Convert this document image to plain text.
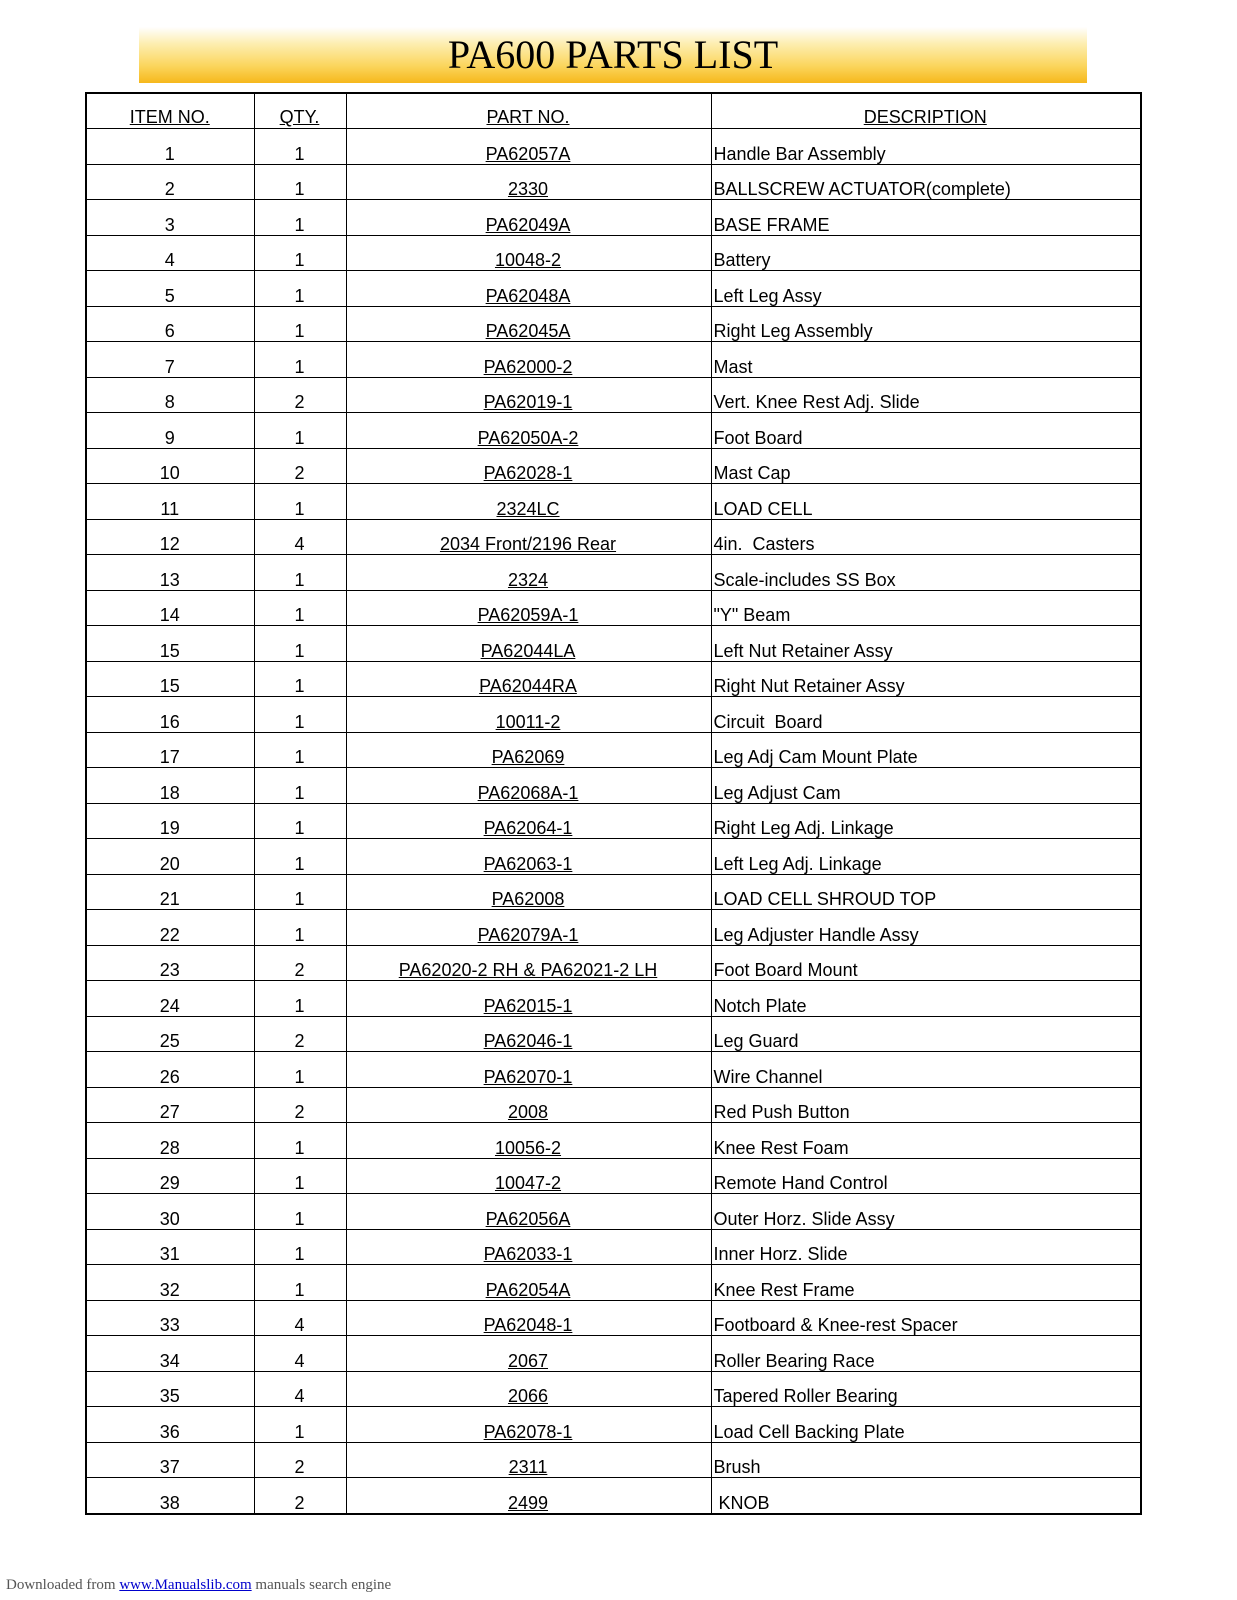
PA600 PARTS LIST
ITEM NO.	QTY.	PART NO.	DESCRIPTION
1	1	PA62057A	Handle Bar Assembly
2	1	2330	BALLSCREW ACTUATOR(complete)
3	1	PA62049A	BASE FRAME
4	1	10048-2	Battery
5	1	PA62048A	Left Leg Assy
6	1	PA62045A	Right Leg Assembly
7	1	PA62000-2	Mast
8	2	PA62019-1	Vert. Knee Rest Adj. Slide
9	1	PA62050A-2	Foot Board
10	2	PA62028-1	Mast Cap
11	1	2324LC	LOAD CELL
12	4	2034 Front/2196 Rear	4in.  Casters
13	1	2324	Scale-includes SS Box
14	1	PA62059A-1	"Y" Beam
15	1	PA62044LA	Left Nut Retainer Assy
15	1	PA62044RA	Right Nut Retainer Assy
16	1	10011-2	Circuit  Board
17	1	PA62069	Leg Adj Cam Mount Plate
18	1	PA62068A-1	Leg Adjust Cam
19	1	PA62064-1	Right Leg Adj. Linkage
20	1	PA62063-1	Left Leg Adj. Linkage
21	1	PA62008	LOAD CELL SHROUD TOP
22	1	PA62079A-1	Leg Adjuster Handle Assy
23	2	PA62020-2 RH & PA62021-2 LH	Foot Board Mount
24	1	PA62015-1	Notch Plate
25	2	PA62046-1	Leg Guard
26	1	PA62070-1	Wire Channel
27	2	2008	Red Push Button
28	1	10056-2	Knee Rest Foam
29	1	10047-2	Remote Hand Control
30	1	PA62056A	Outer Horz. Slide Assy
31	1	PA62033-1	Inner Horz. Slide
32	1	PA62054A	Knee Rest Frame
33	4	PA62048-1	Footboard & Knee-rest Spacer
34	4	2067	Roller Bearing Race
35	4	2066	Tapered Roller Bearing
36	1	PA62078-1	Load Cell Backing Plate
37	2	2311	Brush
38	2	2499	KNOB
Downloaded from www.Manualslib.com manuals search engine
